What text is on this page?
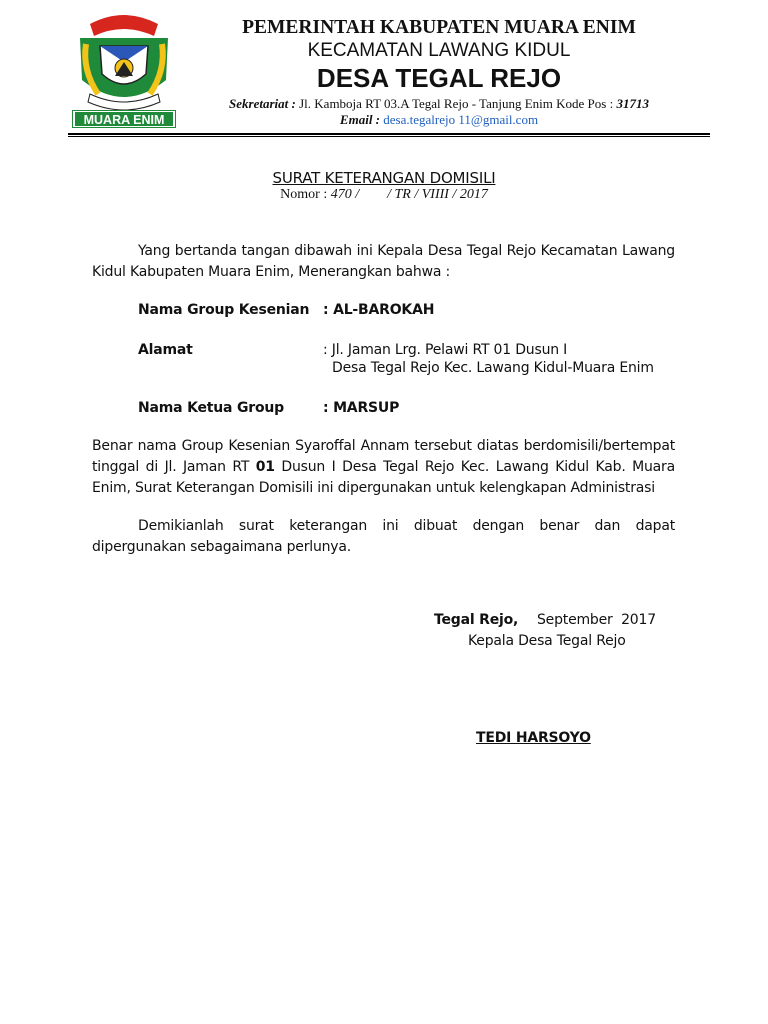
MUARA ENIM
PEMERINTAH KABUPATEN MUARA ENIM
KECAMATAN LAWANG KIDUL
DESA TEGAL REJO
Sekretariat : Jl. Kamboja RT 03.A Tegal Rejo - Tanjung Enim Kode Pos : 31713
Email : desa.tegalrejo 11@gmail.com
SURAT KETERANGAN DOMISILI
Nomor : 470 /        / TR / VIIII / 2017
Yang bertanda tangan dibawah ini Kepala Desa Tegal Rejo Kecamatan Lawang Kidul Kabupaten Muara Enim, Menerangkan bahwa :
Nama Group Kesenian : AL-BAROKAH
Alamat	: Jl. Jaman Lrg. Pelawi RT 01 Dusun I
Desa Tegal Rejo Kec. Lawang Kidul-Muara Enim
Nama Ketua Group	: MARSUP
Benar nama Group Kesenian Syaroffal Annam tersebut diatas berdomisili/bertempat tinggal di Jl. Jaman RT 01 Dusun I Desa Tegal Rejo Kec. Lawang Kidul Kab. Muara Enim, Surat Keterangan Domisili ini dipergunakan untuk kelengkapan Administrasi
Demikianlah surat keterangan ini dibuat dengan benar dan dapat dipergunakan sebagaimana perlunya.
Tegal Rejo, September  2017
Kepala Desa Tegal Rejo
TEDI HARSOYO
